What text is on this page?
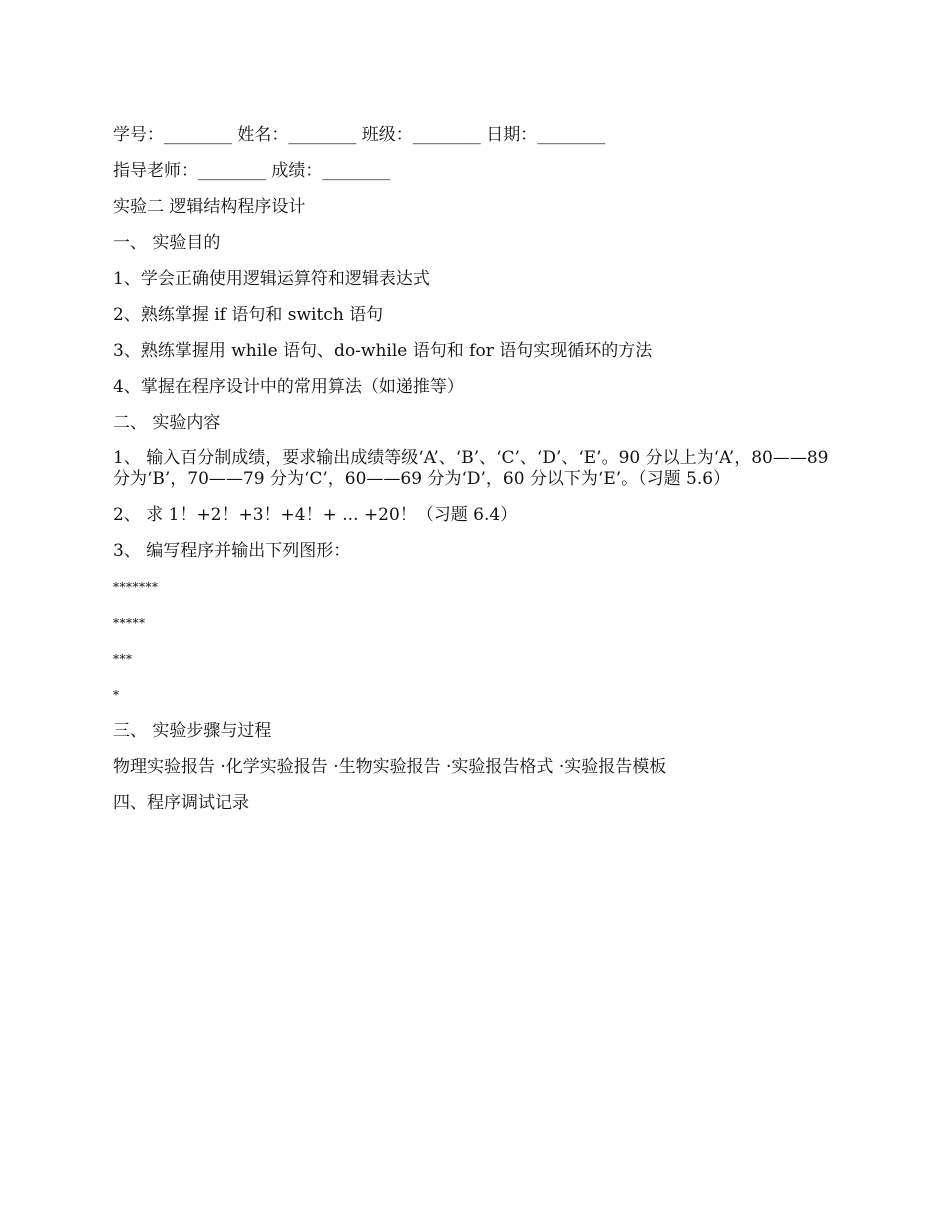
学号：________ 姓名：________ 班级：________ 日期：________
指导老师：________ 成绩：________
实验二 逻辑结构程序设计
一、 实验目的
1、学会正确使用逻辑运算符和逻辑表达式
2、熟练掌握 if 语句和 switch 语句
3、熟练掌握用 while 语句、do-while 语句和 for 语句实现循环的方法
4、掌握在程序设计中的常用算法（如递推等）
二、 实验内容
1、 输入百分制成绩，要求输出成绩等级‘A’、‘B’、‘C’、‘D’、‘E’。90 分以上为‘A’，80——89 分为‘B’，70——79 分为‘C’，60——69 分为‘D’，60 分以下为‘E’。（习题 5.6）
2、 求 1！+2！+3！+4！+ ... +20！（习题 6.4）
3、 编写程序并输出下列图形：
*******
*****
***
*
三、 实验步骤与过程
物理实验报告 ·化学实验报告 ·生物实验报告 ·实验报告格式 ·实验报告模板
四、程序调试记录
